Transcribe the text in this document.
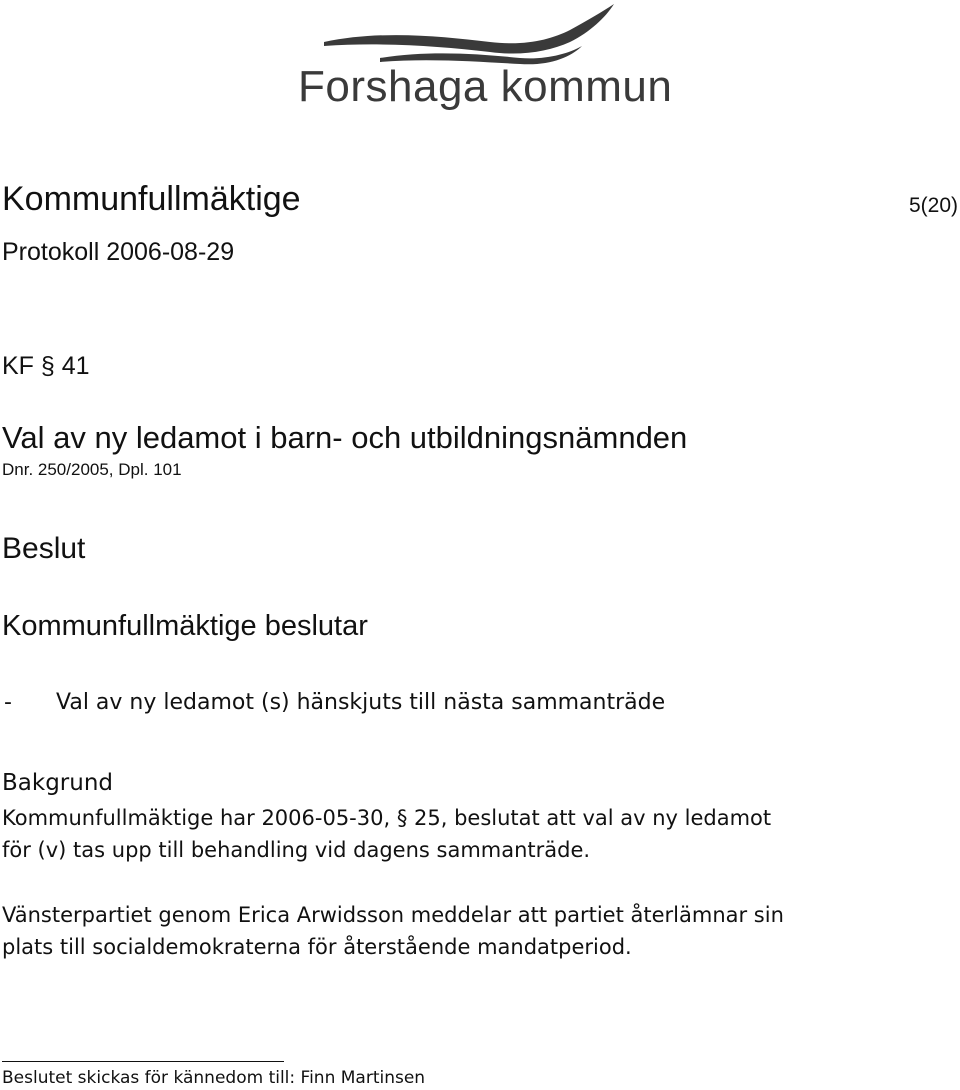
Forshaga kommun
Kommunfullmäktige	5(20)
Protokoll 2006-08-29
KF § 41
Val av ny ledamot i barn- och utbildningsnämnden
Dnr. 250/2005, Dpl. 101
Beslut
Kommunfullmäktige beslutar
- Val av ny ledamot (s) hänskjuts till nästa sammanträde
Bakgrund
Kommunfullmäktige har 2006-05-30, § 25, beslutat att val av ny ledamot
för (v) tas upp till behandling vid dagens sammanträde.
Vänsterpartiet genom Erica Arwidsson meddelar att partiet återlämnar sin
plats till socialdemokraterna för återstående mandatperiod.
Beslutet skickas för kännedom till: Finn Martinsen
